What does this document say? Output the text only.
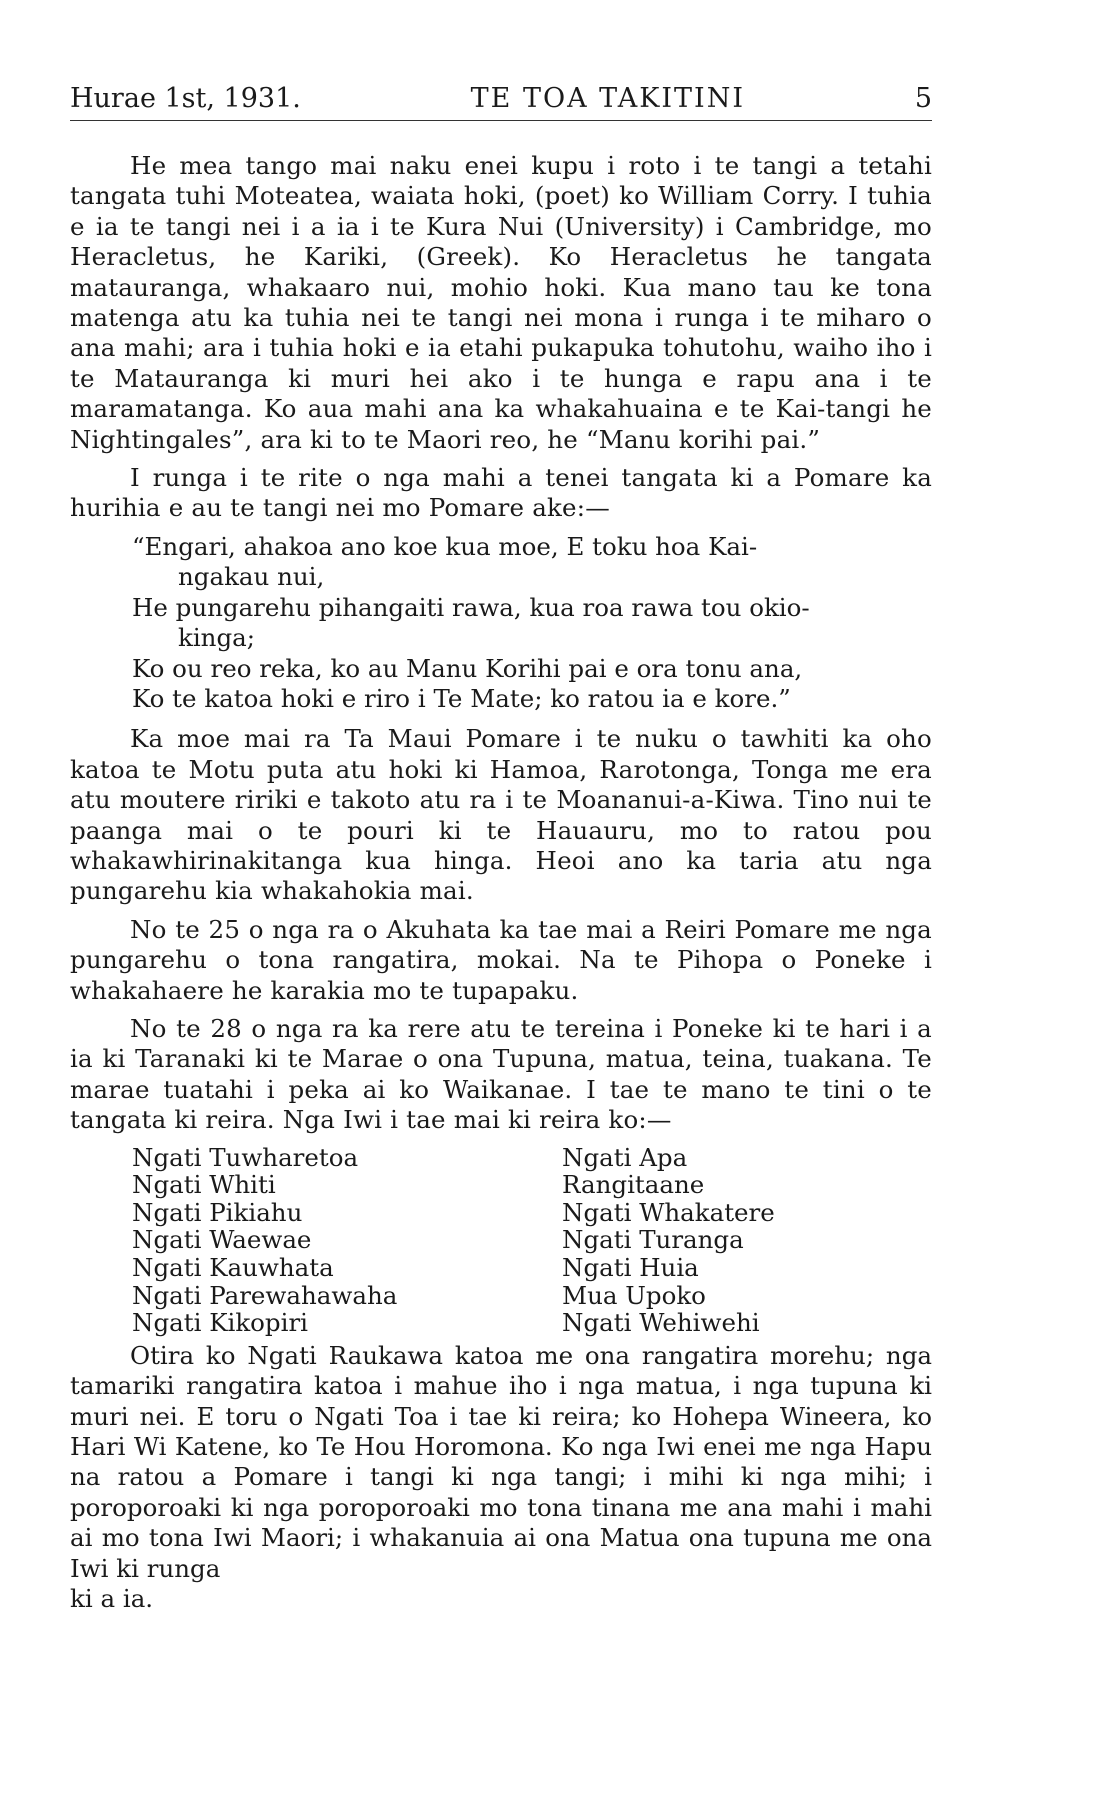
Hurae 1st, 1931.	TE TOA TAKITINI	5

He mea tango mai naku enei kupu i roto i te tangi a tetahi tangata tuhi Moteatea, waiata hoki, (poet) ko William Corry. I tuhia e ia te tangi nei i a ia i te Kura Nui (University) i Cambridge, mo Heracletus, he Kariki, (Greek). Ko Heracletus he tangata matauranga, whakaaro nui, mohio hoki. Kua mano tau ke tona matenga atu ka tuhia nei te tangi nei mona i runga i te miharo o ana mahi; ara i tuhia hoki e ia etahi pukapuka tohutohu, waiho iho i te Matauranga ki muri hei ako i te hunga e rapu ana i te maramatanga. Ko aua mahi ana ka whakahuaina e te Kai-tangi he Nightingales”, ara ki to te Maori reo, he “Manu korihi pai.”

I runga i te rite o nga mahi a tenei tangata ki a Pomare ka hurihia e au te tangi nei mo Pomare ake:—

“Engari, ahakoa ano koe kua moe, E toku hoa Kai-
ngakau nui,
He pungarehu pihangaiti rawa, kua roa rawa tou okio-
kinga;
Ko ou reo reka, ko au Manu Korihi pai e ora tonu ana,
Ko te katoa hoki e riro i Te Mate; ko ratou ia e kore.”

Ka moe mai ra Ta Maui Pomare i te nuku o tawhiti ka oho katoa te Motu puta atu hoki ki Hamoa, Rarotonga, Tonga me era atu moutere ririki e takoto atu ra i te Moananui-a-Kiwa. Tino nui te paanga mai o te pouri ki te Hauauru, mo to ratou pou whakawhirinakitanga kua hinga. Heoi ano ka taria atu nga pungarehu kia whakahokia mai.

No te 25 o nga ra o Akuhata ka tae mai a Reiri Pomare me nga pungarehu o tona rangatira, mokai. Na te Pihopa o Poneke i whakahaere he karakia mo te tupapaku.

No te 28 o nga ra ka rere atu te tereina i Poneke ki te hari i a ia ki Taranaki ki te Marae o ona Tupuna, matua, teina, tuakana. Te marae tuatahi i peka ai ko Waikanae. I tae te mano te tini o te tangata ki reira. Nga Iwi i tae mai ki reira ko:—

Ngati Tuwharetoa	Ngati Apa
Ngati Whiti	Rangitaane
Ngati Pikiahu	Ngati Whakatere
Ngati Waewae	Ngati Turanga
Ngati Kauwhata	Ngati Huia
Ngati Parewahawaha	Mua Upoko
Ngati Kikopiri	Ngati Wehiwehi

Otira ko Ngati Raukawa katoa me ona rangatira morehu; nga tamariki rangatira katoa i mahue iho i nga matua, i nga tupuna ki muri nei. E toru o Ngati Toa i tae ki reira; ko Hohepa Wineera, ko Hari Wi Katene, ko Te Hou Horomona. Ko nga Iwi enei me nga Hapu na ratou a Pomare i tangi ki nga tangi; i mihi ki nga mihi; i poroporoaki ki nga poroporoaki mo tona tinana me ana mahi i mahi ai mo tona Iwi Maori; i whakanuia ai ona Matua ona tupuna me ona Iwi ki runga
ki a ia.
